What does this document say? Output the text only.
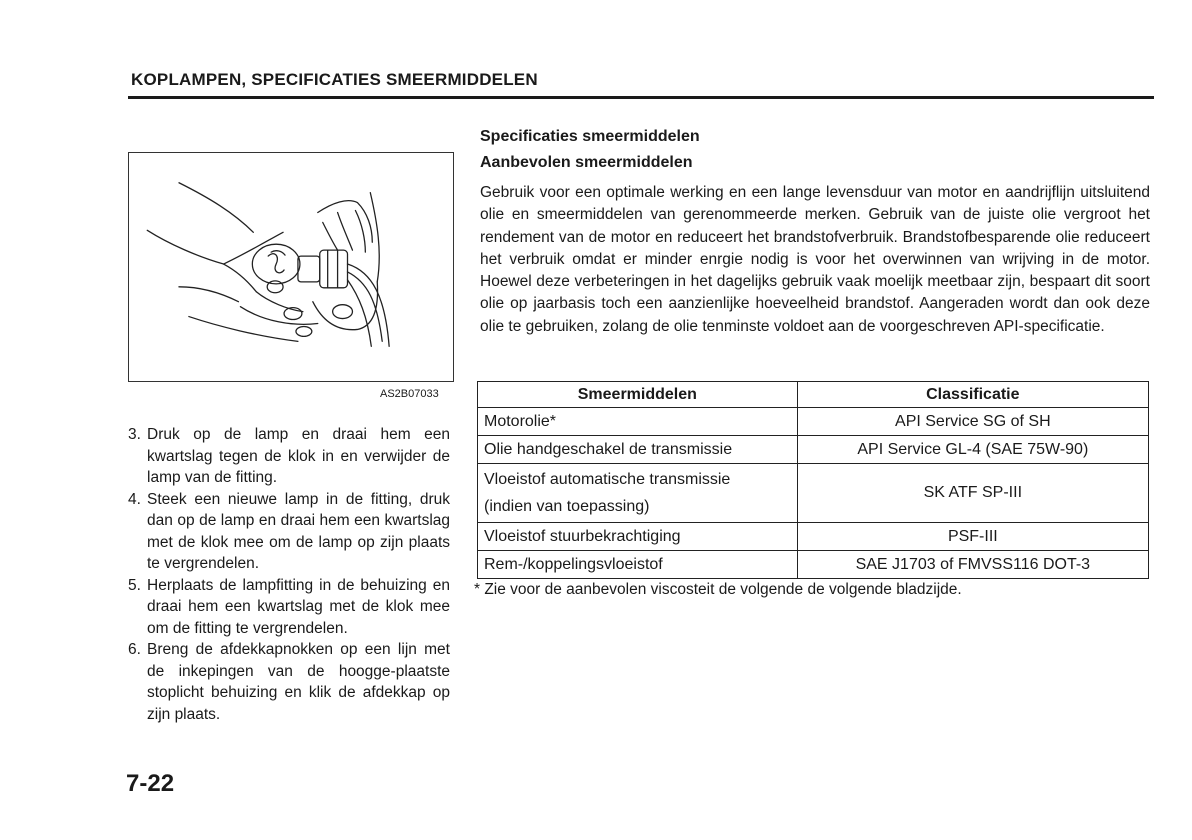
KOPLAMPEN, SPECIFICATIES SMEERMIDDELEN
AS2B07033
3. Druk op de lamp en draai hem een kwartslag tegen de klok in en verwijder de lamp van de fitting.
4. Steek een nieuwe lamp in de fitting, druk dan op de lamp en draai hem een kwartslag met de klok mee om de lamp op zijn plaats te vergrendelen.
5. Herplaats de lampfitting in de behuizing en draai hem een kwartslag met de klok mee om de fitting te vergrendelen.
6. Breng de afdekkapnokken op een lijn met de inkepingen van de hoogge-plaatste stoplicht behuizing en klik de afdekkap op zijn plaats.
Specificaties smeermiddelen
Aanbevolen smeermiddelen

Gebruik voor een optimale werking en een lange levensduur van motor en aandrijflijn uitsluitend olie en smeermiddelen van gerenommeerde merken. Gebruik van de juiste olie vergroot het rendement van de motor en reduceert het brandstofverbruik. Brandstofbesparende olie reduceert het verbruik omdat er minder enrgie nodig is voor het overwinnen van wrijving in de motor. Hoewel deze verbeteringen in het dagelijks gebruik vaak moelijk meetbaar zijn, bespaart dit soort olie op jaarbasis toch een aanzienlijke hoeveelheid brandstof. Aangeraden wordt dan ook deze olie te gebruiken, zolang de olie tenminste voldoet aan de voorgeschreven API-specificatie.

Smeermiddelen	Classificatie
Motorolie*	API Service SG of SH
Olie handgeschakel de transmissie	API Service GL-4 (SAE 75W-90)

Vloeistof automatische transmissie
(indien van toepassing)	SK ATF SP-III
Vloeistof stuurbekrachtiging	PSF-III
Rem-/koppelingsvloeistof	SAE J1703 of FMVSS116 DOT-3
* Zie voor de aanbevolen viscosteit de volgende de volgende bladzijde.
7-22
